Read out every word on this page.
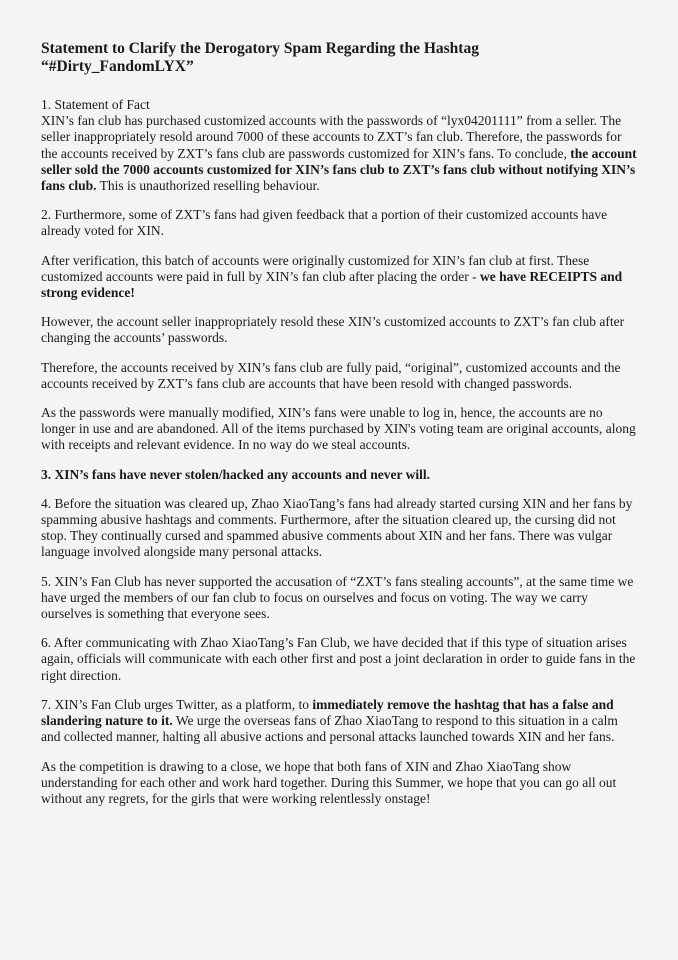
Statement to Clarify the Derogatory Spam Regarding the Hashtag
“#Dirty_FandomLYX”

1. Statement of Fact
XIN’s fan club has purchased customized accounts with the passwords of “lyx04201111” from a seller. The seller inappropriately resold around 7000 of these accounts to ZXT’s fan club. Therefore, the passwords for the accounts received by ZXT’s fans club are passwords customized for XIN’s fans. To conclude, the account seller sold the 7000 accounts customized for XIN’s fans club to ZXT’s fans club without notifying XIN’s fans club. This is unauthorized reselling behaviour.

2. Furthermore, some of ZXT’s fans had given feedback that a portion of their customized accounts have already voted for XIN.

After verification, this batch of accounts were originally customized for XIN’s fan club at first. These customized accounts were paid in full by XIN’s fan club after placing the order - we have RECEIPTS and strong evidence!

However, the account seller inappropriately resold these XIN’s customized accounts to ZXT’s fan club after changing the accounts’ passwords.

Therefore, the accounts received by XIN’s fans club are fully paid, “original”, customized accounts and the accounts received by ZXT’s fans club are accounts that have been resold with changed passwords.

As the passwords were manually modified, XIN’s fans were unable to log in, hence, the accounts are no longer in use and are abandoned. All of the items purchased by XIN's voting team are original accounts, along with receipts and relevant evidence. In no way do we steal accounts.

3. XIN’s fans have never stolen/hacked any accounts and never will.

4. Before the situation was cleared up, Zhao XiaoTang’s fans had already started cursing XIN and her fans by spamming abusive hashtags and comments. Furthermore, after the situation cleared up, the cursing did not stop. They continually cursed and spammed abusive comments about XIN and her fans. There was vulgar language involved alongside many personal attacks.

5. XIN’s Fan Club has never supported the accusation of “ZXT’s fans stealing accounts”, at the same time we have urged the members of our fan club to focus on ourselves and focus on voting. The way we carry ourselves is something that everyone sees.

6. After communicating with Zhao XiaoTang’s Fan Club, we have decided that if this type of situation arises again, officials will communicate with each other first and post a joint declaration in order to guide fans in the right direction.

7. XIN’s Fan Club urges Twitter, as a platform, to immediately remove the hashtag that has a false and slandering nature to it. We urge the overseas fans of Zhao XiaoTang to respond to this situation in a calm and collected manner, halting all abusive actions and personal attacks launched towards XIN and her fans.

As the competition is drawing to a close, we hope that both fans of XIN and Zhao XiaoTang show understanding for each other and work hard together. During this Summer, we hope that you can go all out without any regrets, for the girls that were working relentlessly onstage!
